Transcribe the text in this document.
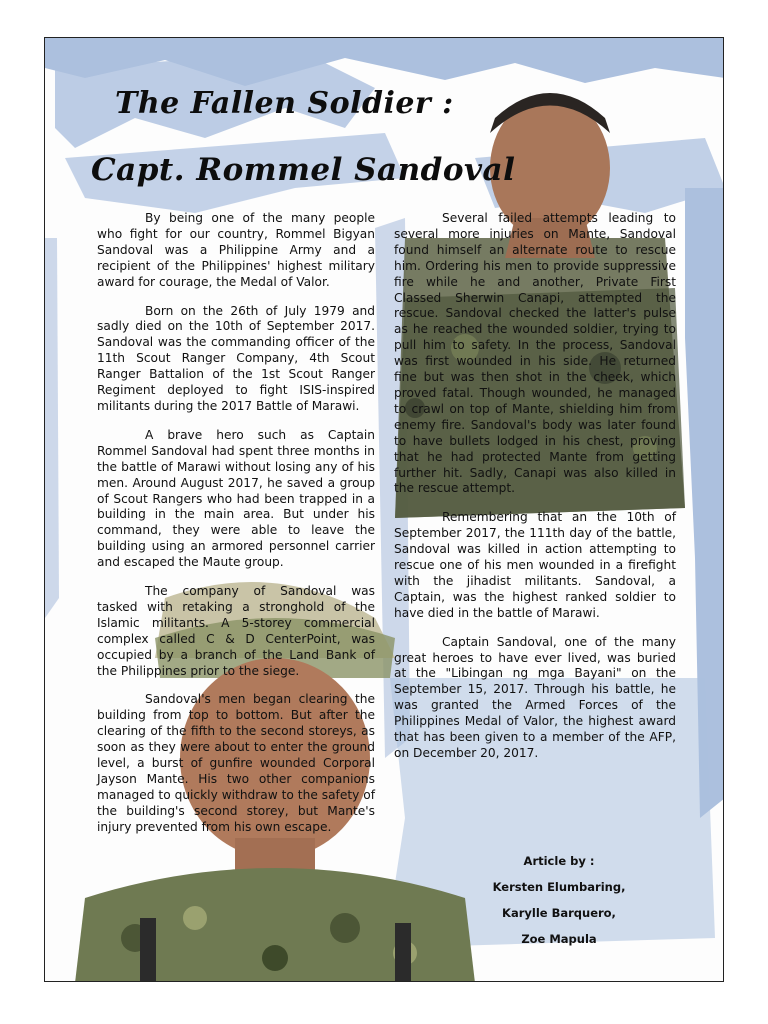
The Fallen Soldier :
Capt. Rommel Sandoval

By being one of the many people who fight for our country, Rommel Bigyan Sandoval was a Philippine Army and a recipient of the Philippines' highest military award for courage, the Medal of Valor.

Born on the 26th of July 1979 and sadly died on the 10th of September 2017. Sandoval was the commanding officer of the 11th Scout Ranger Company, 4th Scout Ranger Battalion of the 1st Scout Ranger Regiment deployed to fight ISIS-inspired militants during the 2017 Battle of Marawi.

A brave hero such as Captain Rommel Sandoval had spent three months in the battle of Marawi without losing any of his men. Around August 2017, he saved a group of Scout Rangers who had been trapped in a building in the main area. But under his command, they were able to leave the building using an armored personnel carrier and escaped the Maute group.

The company of Sandoval was tasked with retaking a stronghold of the Islamic militants. A 5-storey commercial complex called C & D CenterPoint, was occupied by a branch of the Land Bank of the Philippines prior to the siege.

Sandoval's men began clearing the building from top to bottom. But after the clearing of the fifth to the second storeys, as soon as they were about to enter the ground level, a burst of gunfire wounded Corporal Jayson Mante. His two other companions managed to quickly withdraw to the safety of the building's second storey, but Mante's injury prevented from his own escape.

Several failed attempts leading to several more injuries on Mante, Sandoval found himself an alternate route to rescue him. Ordering his men to provide suppressive fire while he and another, Private First Classed Sherwin Canapi, attempted the rescue. Sandoval checked the latter's pulse as he reached the wounded soldier, trying to pull him to safety. In the process, Sandoval was first wounded in his side. He returned fine but was then shot in the cheek, which proved fatal. Though wounded, he managed to crawl on top of Mante, shielding him from enemy fire. Sandoval's body was later found to have bullets lodged in his chest, proving that he had protected Mante from getting further hit. Sadly, Canapi was also killed in the rescue attempt.

Remembering that an the 10th of September 2017, the 111th day of the battle, Sandoval was killed in action attempting to rescue one of his men wounded in a firefight with the jihadist militants. Sandoval, a Captain, was the highest ranked soldier to have died in the battle of Marawi.

Captain Sandoval, one of the many great heroes to have ever lived, was buried at the "Libingan ng mga Bayani" on the September 15, 2017. Through his battle, he was granted the Armed Forces of the Philippines Medal of Valor, the highest award that has been given to a member of the AFP, on December 20, 2017.

Article by :
Kersten Elumbaring,
Karylle Barquero,
Zoe Mapula
